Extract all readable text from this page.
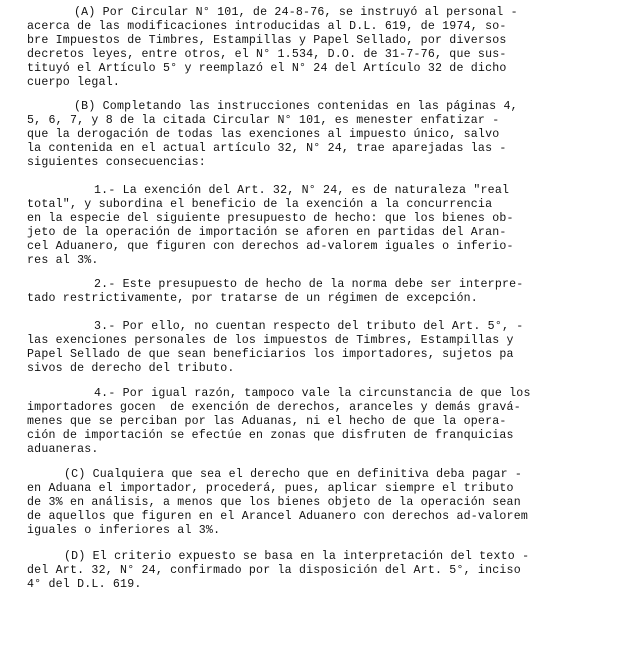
(A) Por Circular N° 101, de 24-8-76, se instruyó al personal -
acerca de las modificaciones introducidas al D.L. 619, de 1974, so-
bre Impuestos de Timbres, Estampillas y Papel Sellado, por diversos
decretos leyes, entre otros, el N° 1.534, D.O. de 31-7-76, que sus-
tituyó el Artículo 5° y reemplazó el N° 24 del Artículo 32 de dicho
cuerpo legal.
(B) Completando las instrucciones contenidas en las páginas 4,
5, 6, 7, y 8 de la citada Circular N° 101, es menester enfatizar -
que la derogación de todas las exenciones al impuesto único, salvo
la contenida en el actual artículo 32, N° 24, trae aparejadas las -
siguientes consecuencias:
1.- La exención del Art. 32, N° 24, es de naturaleza "real
total", y subordina el beneficio de la exención a la concurrencia
en la especie del siguiente presupuesto de hecho: que los bienes ob-
jeto de la operación de importación se aforen en partidas del Aran-
cel Aduanero, que figuren con derechos ad-valorem iguales o inferio-
res al 3%.
2.- Este presupuesto de hecho de la norma debe ser interpre-
tado restrictivamente, por tratarse de un régimen de excepción.
3.- Por ello, no cuentan respecto del tributo del Art. 5°, -
las exenciones personales de los impuestos de Timbres, Estampillas y
Papel Sellado de que sean beneficiarios los importadores, sujetos pa
sivos de derecho del tributo.
4.- Por igual razón, tampoco vale la circunstancia de que los
importadores gocen  de exención de derechos, aranceles y demás gravá-
menes que se perciban por las Aduanas, ni el hecho de que la opera-
ción de importación se efectúe en zonas que disfruten de franquicias
aduaneras.
(C) Cualquiera que sea el derecho que en definitiva deba pagar -
en Aduana el importador, procederá, pues, aplicar siempre el tributo
de 3% en análisis, a menos que los bienes objeto de la operación sean
de aquellos que figuren en el Arancel Aduanero con derechos ad-valorem
iguales o inferiores al 3%.
(D) El criterio expuesto se basa en la interpretación del texto -
del Art. 32, N° 24, confirmado por la disposición del Art. 5°, inciso
4° del D.L. 619.
